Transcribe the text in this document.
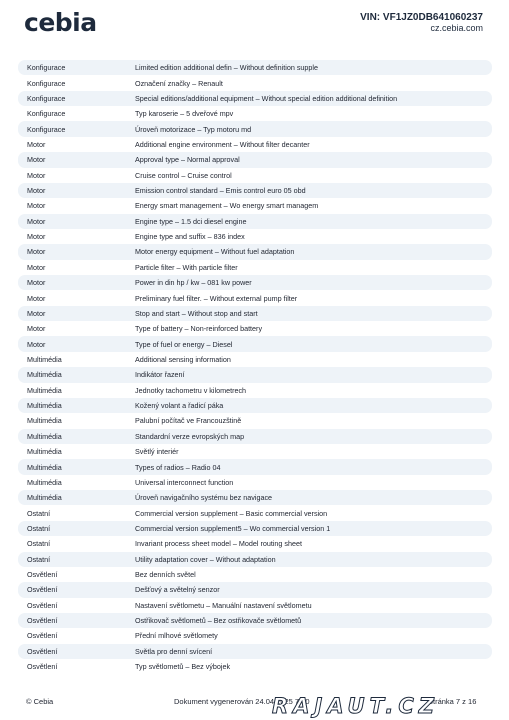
cebia	VIN: VF1JZ0DB641060237
cz.cebia.com
Konfigurace	Limited edition additional defin – Without definition supple
Konfigurace	Označení značky – Renault
Konfigurace	Special editions/additional equipment – Without special edition additional definition
Konfigurace	Typ karoserie – 5 dveřové mpv
Konfigurace	Úroveň motorizace – Typ motoru md
Motor	Additional engine environment – Without filter decanter
Motor	Approval type – Normal approval
Motor	Cruise control – Cruise control
Motor	Emission control standard – Emis control euro 05 obd
Motor	Energy smart management – Wo energy smart managem
Motor	Engine type – 1.5 dci diesel engine
Motor	Engine type and suffix – 836 index
Motor	Motor energy equipment – Without fuel adaptation
Motor	Particle filter – With particle filter
Motor	Power in din hp / kw – 081 kw power
Motor	Preliminary fuel filter. – Without external pump filter
Motor	Stop and start – Without stop and start
Motor	Type of battery – Non-reinforced battery
Motor	Type of fuel or energy – Diesel
Multimédia	Additional sensing information
Multimédia	Indikátor řazení
Multimédia	Jednotky tachometru v kilometrech
Multimédia	Kožený volant a řadicí páka
Multimédia	Palubní počítač ve Francouzštině
Multimédia	Standardní verze evropských map
Multimédia	Světlý interiér
Multimédia	Types of radios – Radio 04
Multimédia	Universal interconnect function
Multimédia	Úroveň navigačního systému bez navigace
Ostatní	Commercial version supplement – Basic commercial version
Ostatní	Commercial version supplement5 – Wo commercial version 1
Ostatní	Invariant process sheet model – Model routing sheet
Ostatní	Utility adaptation cover – Without adaptation
Osvětlení	Bez denních světel
Osvětlení	Dešťový a světelný senzor
Osvětlení	Nastavení světlometu – Manuální nastavení světlometu
Osvětlení	Ostřikovač světlometů – Bez ostřikovače světlometů
Osvětlení	Přední mlhové světlomety
Osvětlení	Světla pro denní svícení
Osvětlení	Typ světlometů – Bez výbojek
© Cebia	Dokument vygenerován 24.04.2025 7:40	Stránka 7 z 16
RAJAUT.CZ
